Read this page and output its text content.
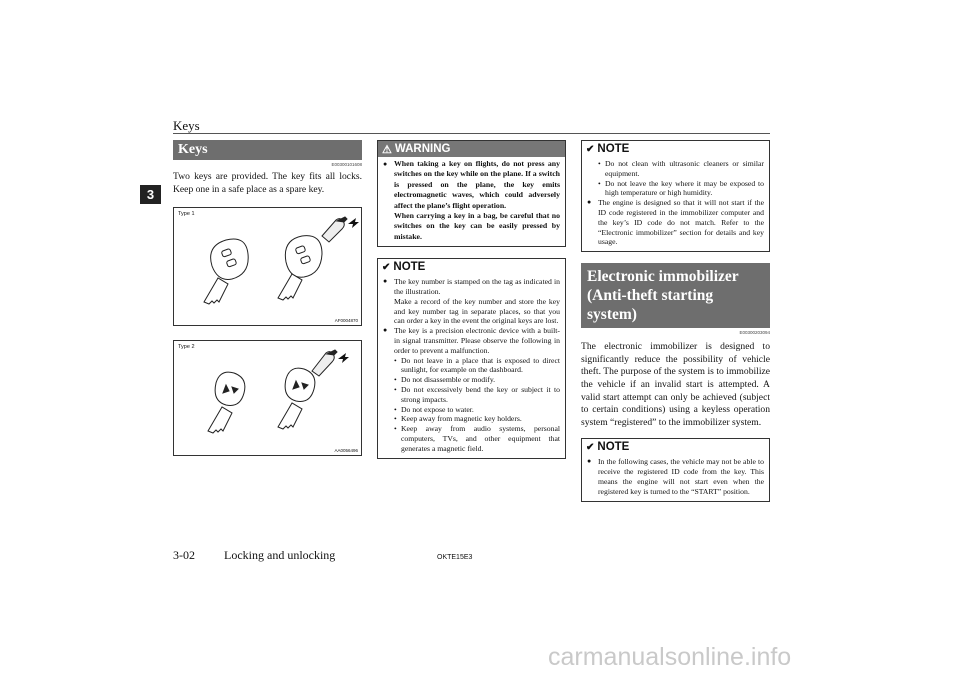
Keys
3
Keys
E00300101608
Two keys are provided. The key fits all locks. Keep one in a safe place as a spare key.
Type 1
AF0004870
Type 2
AA0056496
⚠ WARNING
● When taking a key on flights, do not press any switches on the key while on the plane. If a switch is pressed on the plane, the key emits electromagnetic waves, which could adversely affect the plane’s flight operation.
When carrying a key in a bag, be careful that no switches on the key can be easily pressed by mistake.
✔ NOTE
● The key number is stamped on the tag as indicated in the illustration.
Make a record of the key number and store the key and key number tag in separate places, so that you can order a key in the event the original keys are lost.
● The key is a precision electronic device with a built-in signal transmitter. Please observe the following in order to prevent a malfunction.
• Do not leave in a place that is exposed to direct sunlight, for example on the dashboard.
• Do not disassemble or modify.
• Do not excessively bend the key or subject it to strong impacts.
• Do not expose to water.
• Keep away from magnetic key holders.
• Keep away from audio systems, personal computers, TVs, and other equipment that generates a magnetic field.
✔ NOTE
• Do not clean with ultrasonic cleaners or similar equipment.
• Do not leave the key where it may be exposed to high temperature or high humidity.
● The engine is designed so that it will not start if the ID code registered in the immobilizer computer and the key’s ID code do not match. Refer to the “Electronic immobilizer” section for details and key usage.
Electronic immobilizer
(Anti-theft starting system)
E00300203094
The electronic immobilizer is designed to significantly reduce the possibility of vehicle theft. The purpose of the system is to immobilize the vehicle if an invalid start is attempted. A valid start attempt can only be achieved (subject to certain conditions) using a keyless operation system “registered” to the immobilizer system.
✔ NOTE
● In the following cases, the vehicle may not be able to receive the registered ID code from the key. This means the engine will not start even when the registered key is turned to the “START” position.
3-02 Locking and unlocking	OKTE15E3
carmanualsonline.info
